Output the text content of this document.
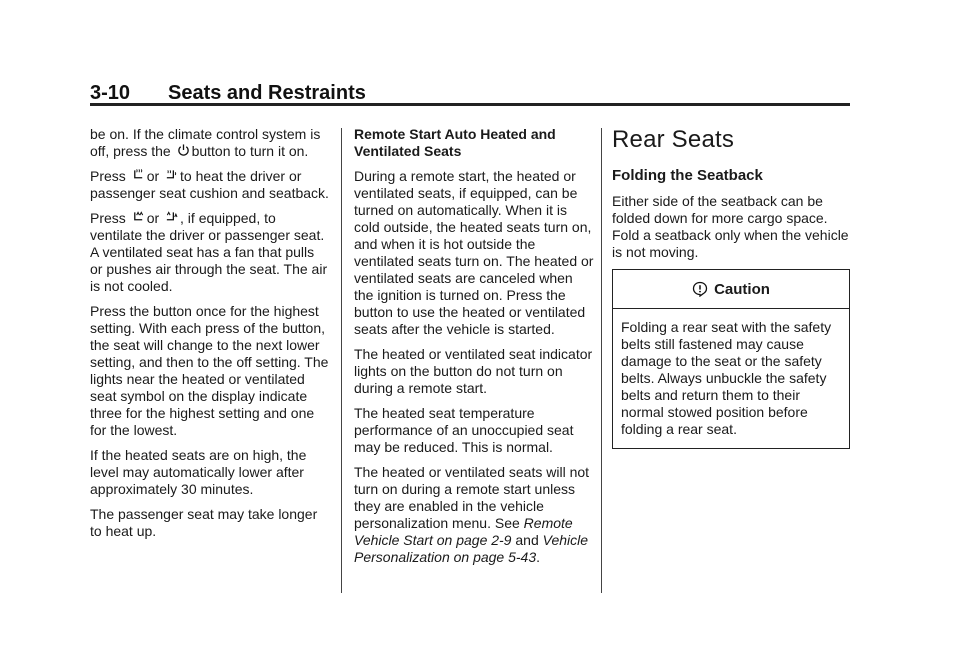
3-10 Seats and Restraints

be on. If the climate control system is off, press the button to turn it on.

Press or to heat the driver or passenger seat cushion and seatback.

Press or , if equipped, to ventilate the driver or passenger seat. A ventilated seat has a fan that pulls or pushes air through the seat. The air is not cooled.

Press the button once for the highest setting. With each press of the button, the seat will change to the next lower setting, and then to the off setting. The lights near the heated or ventilated seat symbol on the display indicate three for the highest setting and one for the lowest.

If the heated seats are on high, the level may automatically lower after approximately 30 minutes.

The passenger seat may take longer to heat up.

Remote Start Auto Heated and Ventilated Seats

During a remote start, the heated or ventilated seats, if equipped, can be turned on automatically. When it is cold outside, the heated seats turn on, and when it is hot outside the ventilated seats turn on. The heated or ventilated seats are canceled when the ignition is turned on. Press the button to use the heated or ventilated seats after the vehicle is started.

The heated or ventilated seat indicator lights on the button do not turn on during a remote start.

The heated seat temperature performance of an unoccupied seat may be reduced. This is normal.

The heated or ventilated seats will not turn on during a remote start unless they are enabled in the vehicle personalization menu. See Remote Vehicle Start on page 2-9 and Vehicle Personalization on page 5-43.

Rear Seats
Folding the Seatback

Either side of the seatback can be folded down for more cargo space. Fold a seatback only when the vehicle is not moving.

Caution
Folding a rear seat with the safety belts still fastened may cause damage to the seat or the safety belts. Always unbuckle the safety belts and return them to their normal stowed position before folding a rear seat.
